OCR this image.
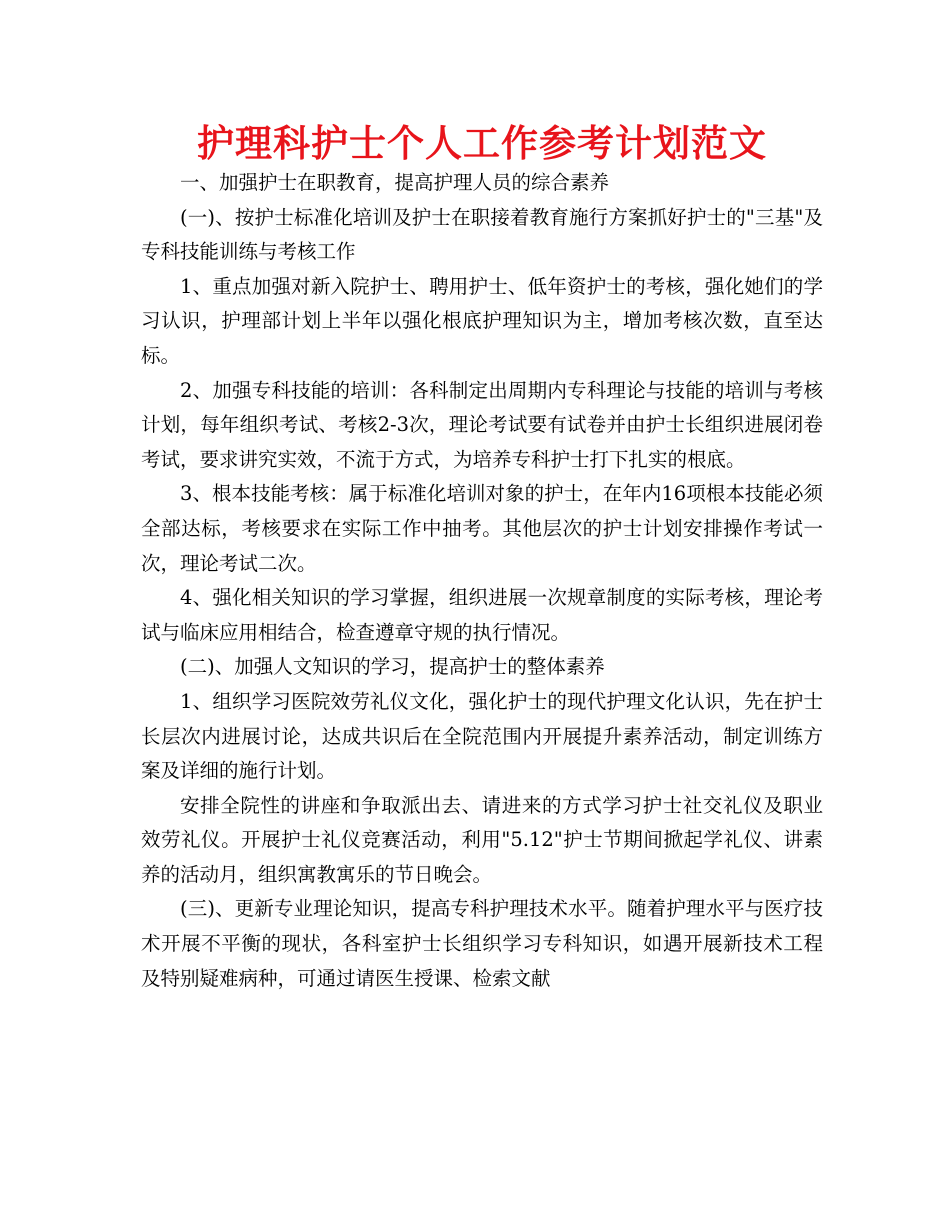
护理科护士个人工作参考计划范文

一、加强护士在职教育，提高护理人员的综合素养

(一)、按护士标准化培训及护士在职接着教育施行方案抓好护士的"三基"及专科技能训练与考核工作

1、重点加强对新入院护士、聘用护士、低年资护士的考核，强化她们的学习认识，护理部计划上半年以强化根底护理知识为主，增加考核次数，直至达标。

2、加强专科技能的培训：各科制定出周期内专科理论与技能的培训与考核计划，每年组织考试、考核2-3次，理论考试要有试卷并由护士长组织进展闭卷考试，要求讲究实效，不流于方式，为培养专科护士打下扎实的根底。

3、根本技能考核：属于标准化培训对象的护士，在年内16项根本技能必须全部达标，考核要求在实际工作中抽考。其他层次的护士计划安排操作考试一次，理论考试二次。

4、强化相关知识的学习掌握，组织进展一次规章制度的实际考核，理论考试与临床应用相结合，检查遵章守规的执行情况。

(二)、加强人文知识的学习，提高护士的整体素养

1、组织学习医院效劳礼仪文化，强化护士的现代护理文化认识，先在护士长层次内进展讨论，达成共识后在全院范围内开展提升素养活动，制定训练方案及详细的施行计划。

安排全院性的讲座和争取派出去、请进来的方式学习护士社交礼仪及职业效劳礼仪。开展护士礼仪竞赛活动，利用"5.12"护士节期间掀起学礼仪、讲素养的活动月，组织寓教寓乐的节日晚会。

(三)、更新专业理论知识，提高专科护理技术水平。随着护理水平与医疗技术开展不平衡的现状，各科室护士长组织学习专科知识，如遇开展新技术工程及特别疑难病种，可通过请医生授课、检索文献
